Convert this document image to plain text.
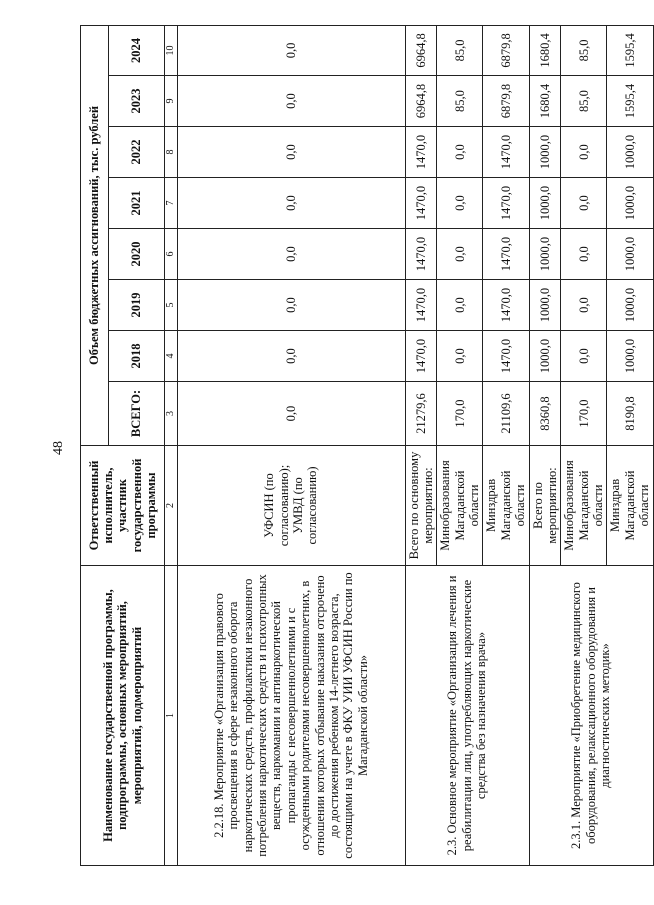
48
Наименование государственной программы, подпрограммы, основных мероприятий, мероприятий, подмероприятий	Ответственный исполнитель, участник государственной программы	Объем бюджетных ассигнований, тыс. рублей							
		ВСЕГО:	2018	2019	2020	2021	2022	2023	2024
1	2	3	4	5	6	7	8	9	10
2.2.18. Мероприятие «Организация правового просвещения в сфере незаконного оборота наркотических средств, профилактики незаконного потребления наркотических средств и психотропных веществ, наркомании и антинаркотической пропаганды с несовершеннолетними и с осужденными родителями несовершеннолетних, в отношении которых отбывание наказания отсрочено до достижения ребенком 14-летнего возраста, состоящими на учете в ФКУ УИИ УФСИН России по Магаданской области»	УФСИН (по согласованию); УМВД (по согласованию)	0,0	0,0	0,0	0,0	0,0	0,0	0,0	0,0
2.3. Основное мероприятие «Организация лечения и реабилитации лиц, употребляющих наркотические средства без назначения врача»	Всего по основному мероприятию:	21279,6	1470,0	1470,0	1470,0	1470,0	1470,0	6964,8	6964,8
	Минобразования Магаданской области	170,0	0,0	0,0	0,0	0,0	0,0	85,0	85,0
	Минздрав Магаданской области	21109,6	1470,0	1470,0	1470,0	1470,0	1470,0	6879,8	6879,8
2.3.1. Мероприятие «Приобретение медицинского оборудования, релаксационного оборудования и диагностических методик»	Всего по мероприятию:	8360,8	1000,0	1000,0	1000,0	1000,0	1000,0	1680,4	1680,4
	Минобразования Магаданской области	170,0	0,0	0,0	0,0	0,0	0,0	85,0	85,0
	Минздрав Магаданской области	8190,8	1000,0	1000,0	1000,0	1000,0	1000,0	1595,4	1595,4
